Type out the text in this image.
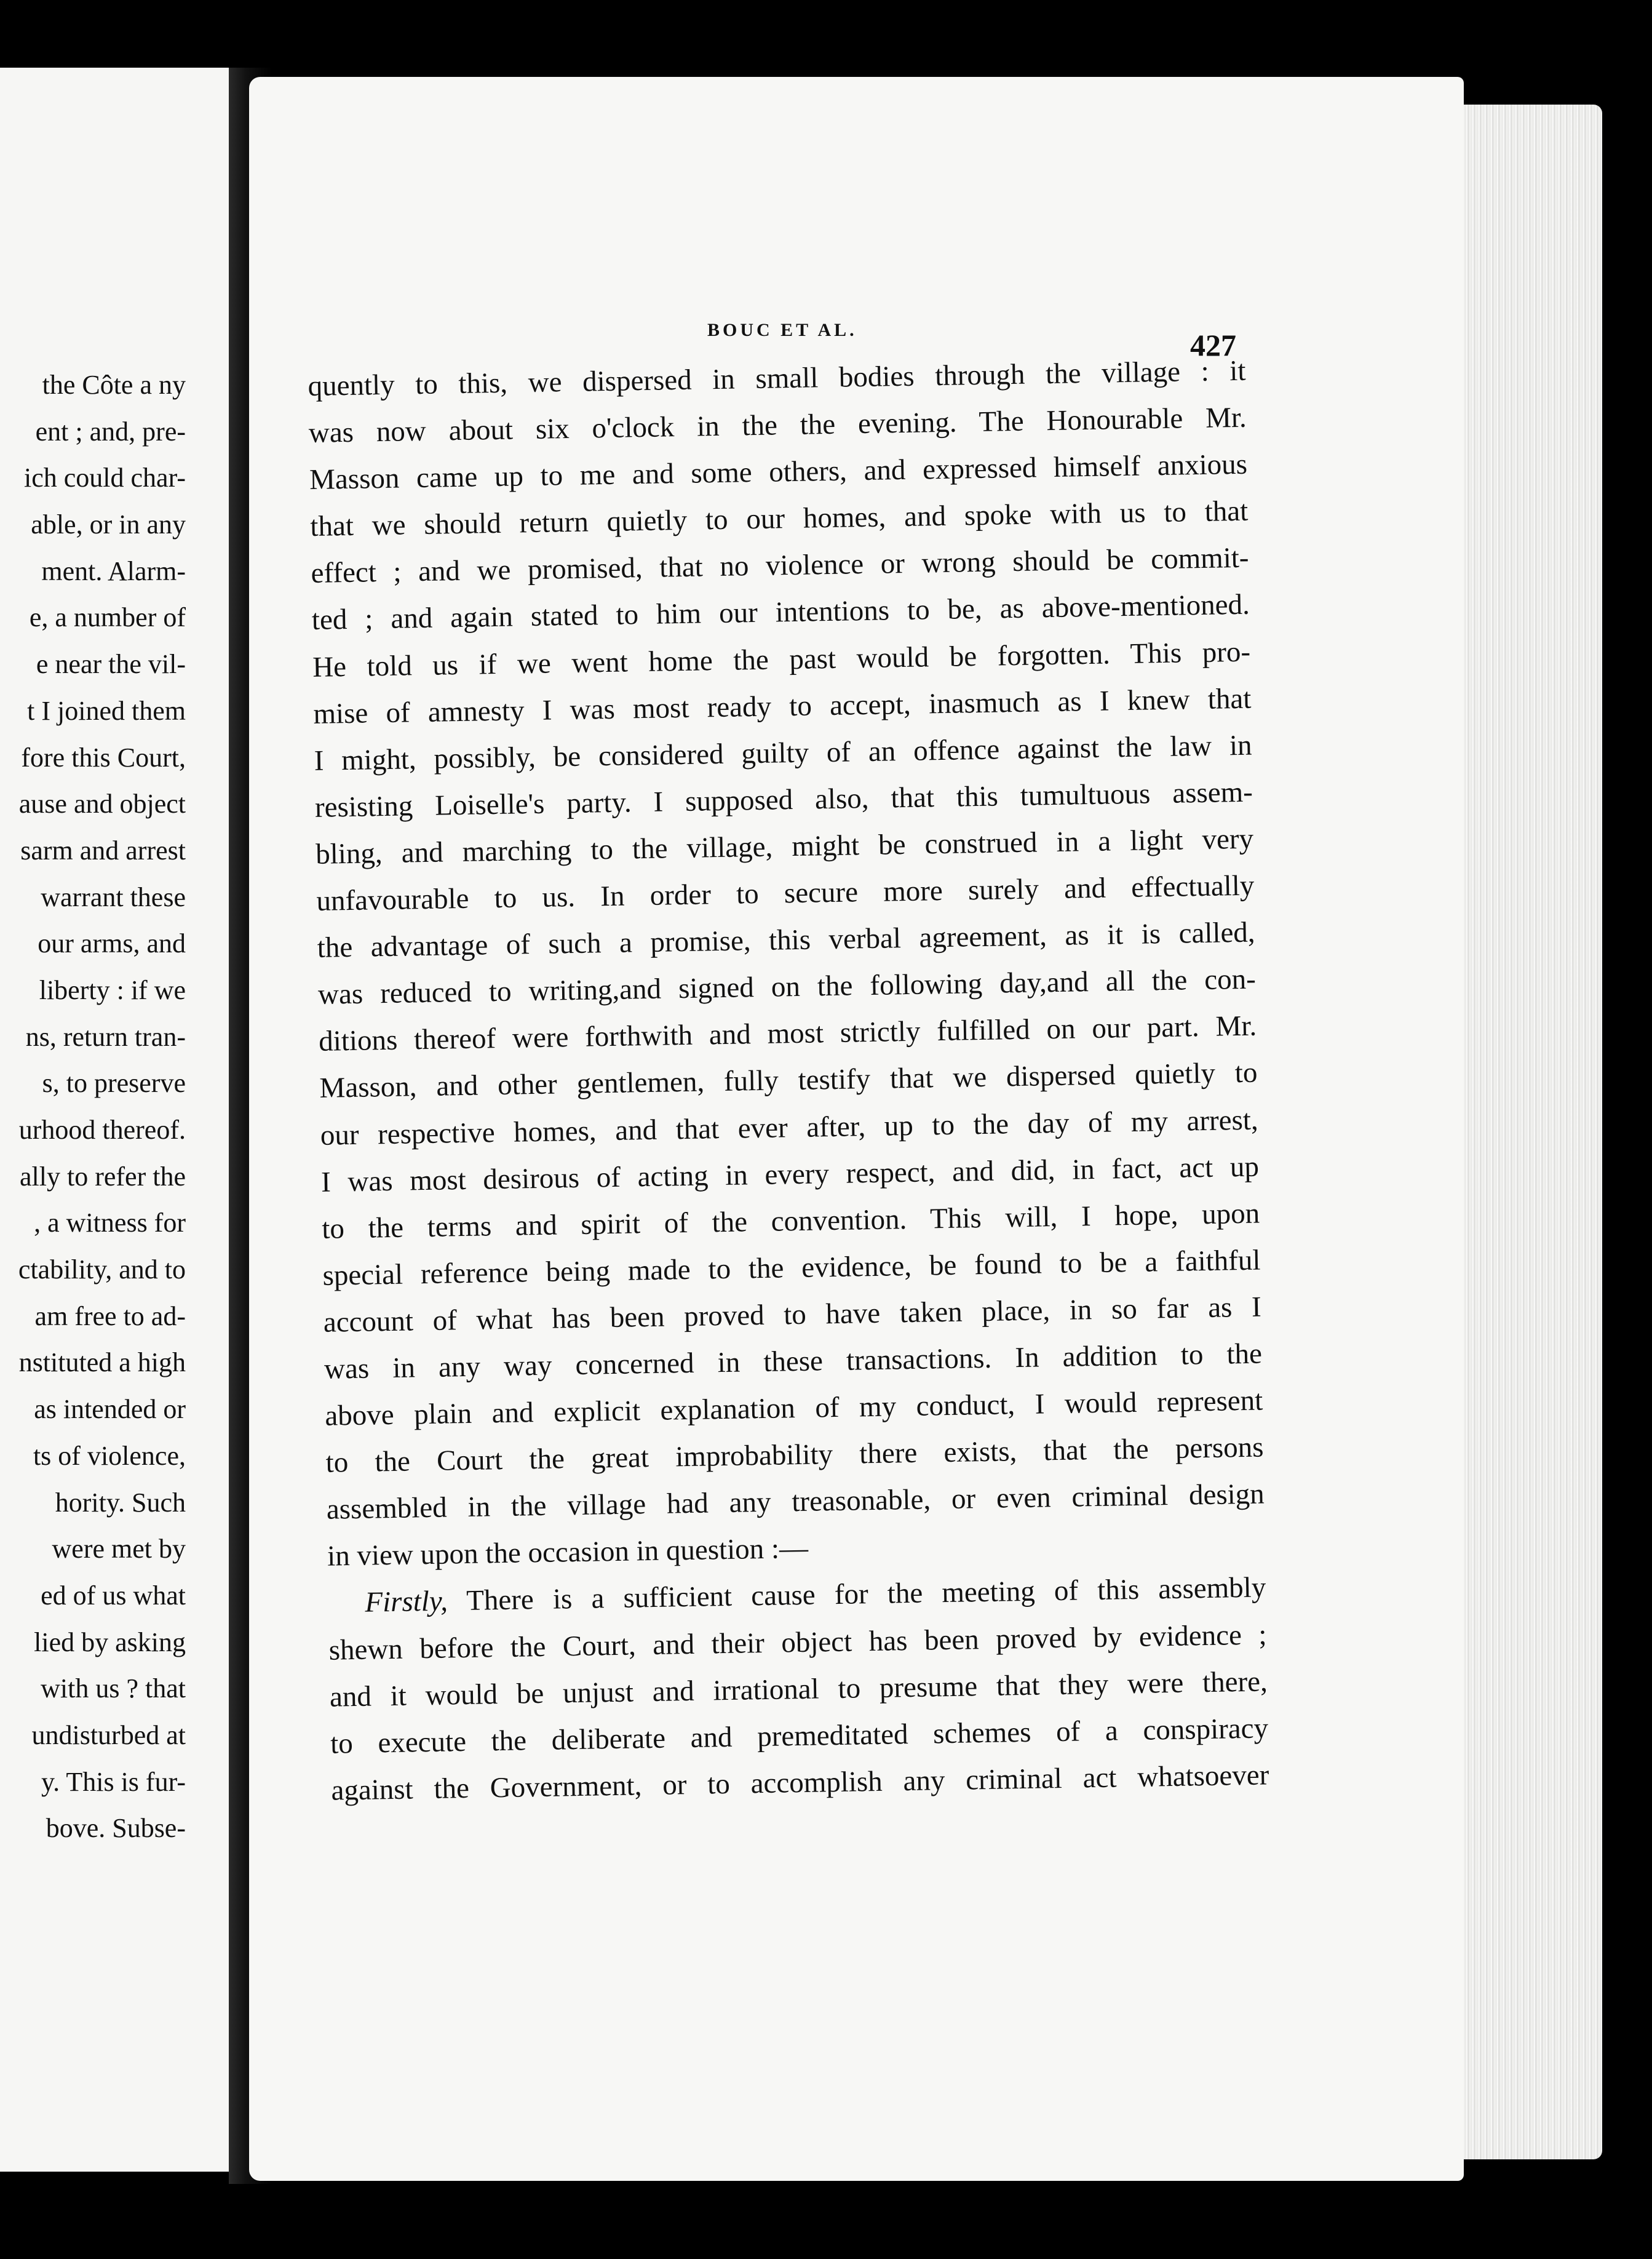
the Côte a ny
ent ; and, pre-
ich could char-
able, or in any
ment. Alarm-
e, a number of
e near the vil-
t I joined them
fore this Court,
ause and object
sarm and arrest
warrant these
our arms, and
liberty : if we
ns, return tran-
s, to preserve
urhood thereof.
ally to refer the
, a witness for
ctability, and to
am free to ad-
nstituted a high
as intended or
ts of violence,
hority. Such
were met by
ed of us what
lied by asking
with us ? that
undisturbed at
y. This is fur-
bove. Subse-
BOUC ET AL.	427
quently to this, we dispersed in small bodies through the village : it
was now about six o'clock in the the evening. The Honourable Mr.
Masson came up to me and some others, and expressed himself anxious
that we should return quietly to our homes, and spoke with us to that
effect ; and we promised, that no violence or wrong should be commit-
ted ; and again stated to him our intentions to be, as above-mentioned.
He told us if we went home the past would be forgotten. This pro-
mise of amnesty I was most ready to accept, inasmuch as I knew that
I might, possibly, be considered guilty of an offence against the law in
resisting Loiselle's party. I supposed also, that this tumultuous assem-
bling, and marching to the village, might be construed in a light very
unfavourable to us. In order to secure more surely and effectually
the advantage of such a promise, this verbal agreement, as it is called,
was reduced to writing,and signed on the following day,and all the con-
ditions thereof were forthwith and most strictly fulfilled on our part. Mr.
Masson, and other gentlemen, fully testify that we dispersed quietly to
our respective homes, and that ever after, up to the day of my arrest,
I was most desirous of acting in every respect, and did, in fact, act up
to the terms and spirit of the convention. This will, I hope, upon
special reference being made to the evidence, be found to be a faithful
account of what has been proved to have taken place, in so far as I
was in any way concerned in these transactions. In addition to the
above plain and explicit explanation of my conduct, I would represent
to the Court the great improbability there exists, that the persons
assembled in the village had any treasonable, or even criminal design
in view upon the occasion in question :—
Firstly, There is a sufficient cause for the meeting of this assembly
shewn before the Court, and their object has been proved by evidence ;
and it would be unjust and irrational to presume that they were there,
to execute the deliberate and premeditated schemes of a conspiracy
against the Government, or to accomplish any criminal act whatsoever
